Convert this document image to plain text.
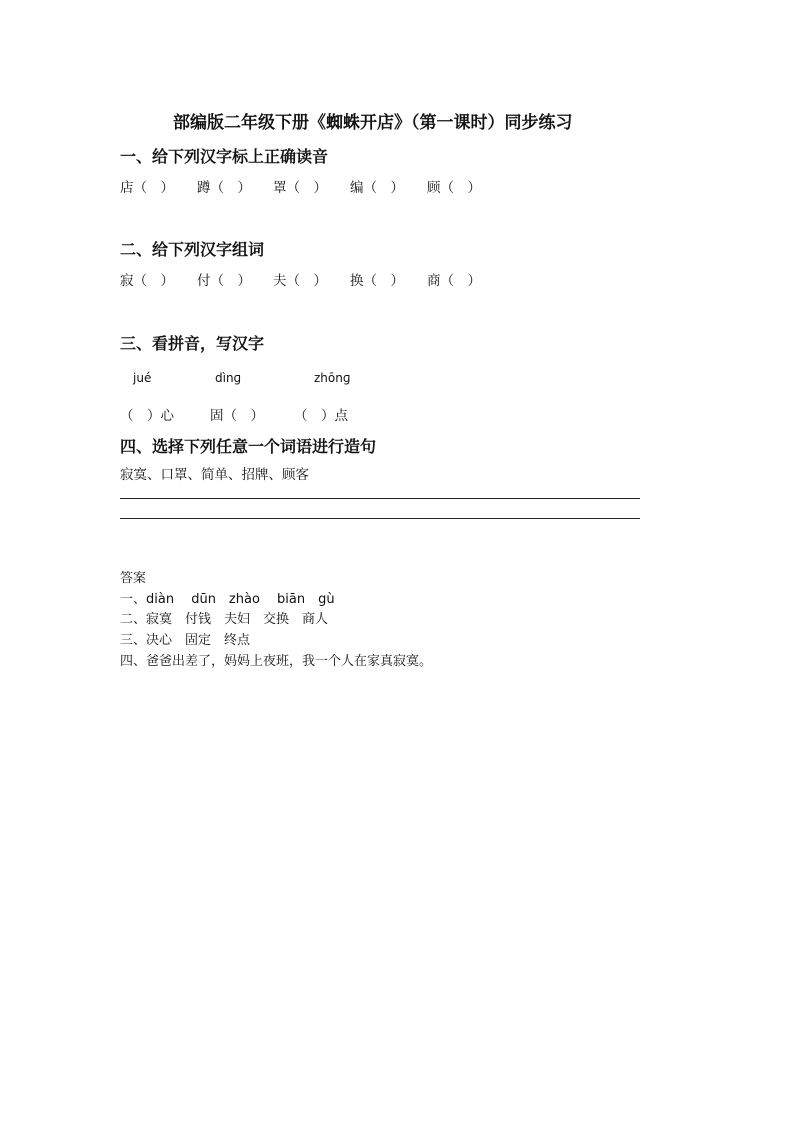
部编版二年级下册《蜘蛛开店》（第一课时）同步练习
一、给下列汉字标上正确读音
店（　） 蹲（　） 罩（　） 编（　） 顾（　）
二、给下列汉字组词
寂（　） 付（　） 夫（　） 换（　） 商（　）
三、看拼音，写汉字
jué	dìnɡ	zhōnɡ
（　）心	固（　） （　）点
四、选择下列任意一个词语进行造句
寂寞、口罩、简单、招牌、顾客
答案
一、diàn　 dūn　zhào　 biān　gù
二、寂寞　付钱　夫妇　交换　商人
三、决心　固定　终点
四、爸爸出差了，妈妈上夜班，我一个人在家真寂寞。
